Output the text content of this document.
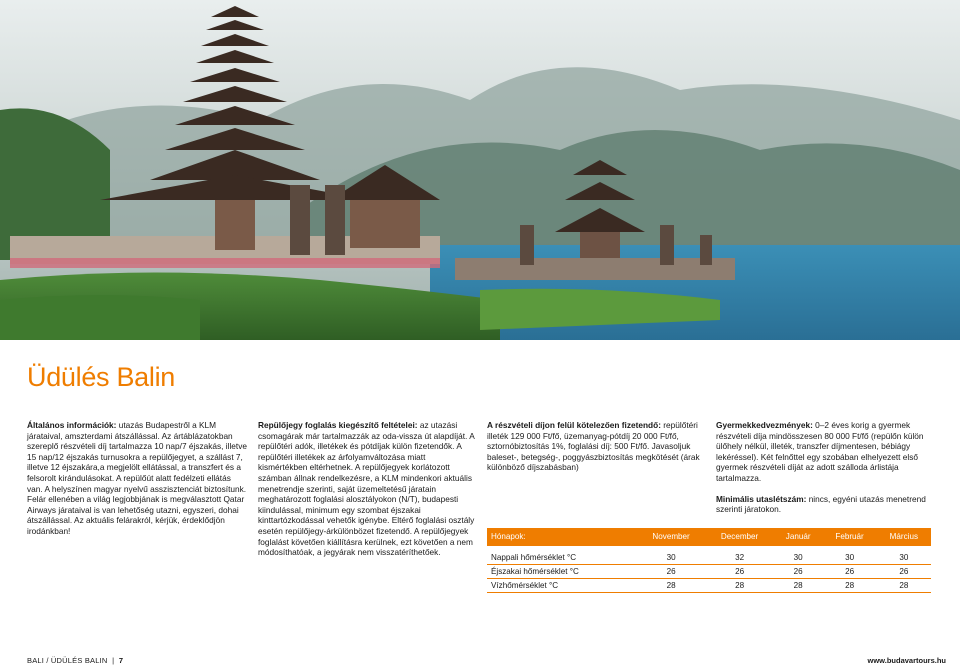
Üdülés Balin

Általános információk: utazás Budapestről a KLM járataival, amszterdami átszállással. Az ártáblázatokban szereplő részvételi díj tartalmazza 10 nap/7 éjszakás, illetve 15 nap/12 éjszakás turnusokra a repülőjegyet, a szállást 7, illetve 12 éjszakára,a megjelölt ellátással, a transzfert és a felsorolt kirándulásokat. A repülőút alatt fedélzeti ellátás van. A helyszínen magyar nyelvű asszisztenciát biztosítunk. Felár ellenében a világ legjobbjának is megválasztott Qatar Airways járataival is van lehetőség utazni, egyszeri, dohai átszállással. Az aktuális felárakról, kérjük, érdeklődjön irodánkban!

Repülőjegy foglalás kiegészítő feltételei: az utazási csomagárak már tartalmazzák az oda-vissza út alapdíját. A repülőtéri adók, illetékek és pótdíjak külön fizetendők. A repülőtéri illetékek az árfolyamváltozása miatt kismértékben eltérhetnek. A repülőjegyek korlátozott számban állnak rendelkezésre, a KLM mindenkori aktuális menetrendje szerinti, saját üzemeltetésű járatain meghatározott foglalási alosztályokon (N/T), budapesti kiindulással, minimum egy szombat éjszakai kinttartózkodással vehetők igénybe. Eltérő foglalási osztály esetén repülőjegy-árkülönbözet fizetendő. A repülőjegyek foglalást követően kiállításra kerülnek, ezt követően a nem módosíthatóak, a jegyárak nem visszatéríthetőek.

A részvételi díjon felül kötelezően fizetendő: repülőtéri illeték 129 000 Ft/fő, üzemanyag-pótdíj 20 000 Ft/fő, sztornóbiztosítás 1%, foglalási díj: 500 Ft/fő. Javasoljuk baleset-, betegség-, poggyászbiztosítás megkötését (árak különböző díjszabásban)

Gyermekkedvezmények: 0–2 éves korig a gyermek részvételi díja mindösszesen 80 000 Ft/fő (repülőn külön ülőhely nélkül, illeték, transzfer díjmentesen, bébiágy lekéréssel). Két felnőttel egy szobában elhelyezett első gyermek részvételi díját az adott szálloda árlistája tartalmazza.

Minimális utaslétszám: nincs, egyéni utazás menetrend szerinti járatokon.

Hónapok:	November	December	Január	Február	Március
Nappali hőmérséklet °C	30	32	30	30	30
Éjszakai hőmérséklet °C	26	26	26	26	26
Vízhőmérséklet °C	28	28	28	28	28
BALI / ÜDÜLÉS BALIN | 7	www.budavartours.hu
